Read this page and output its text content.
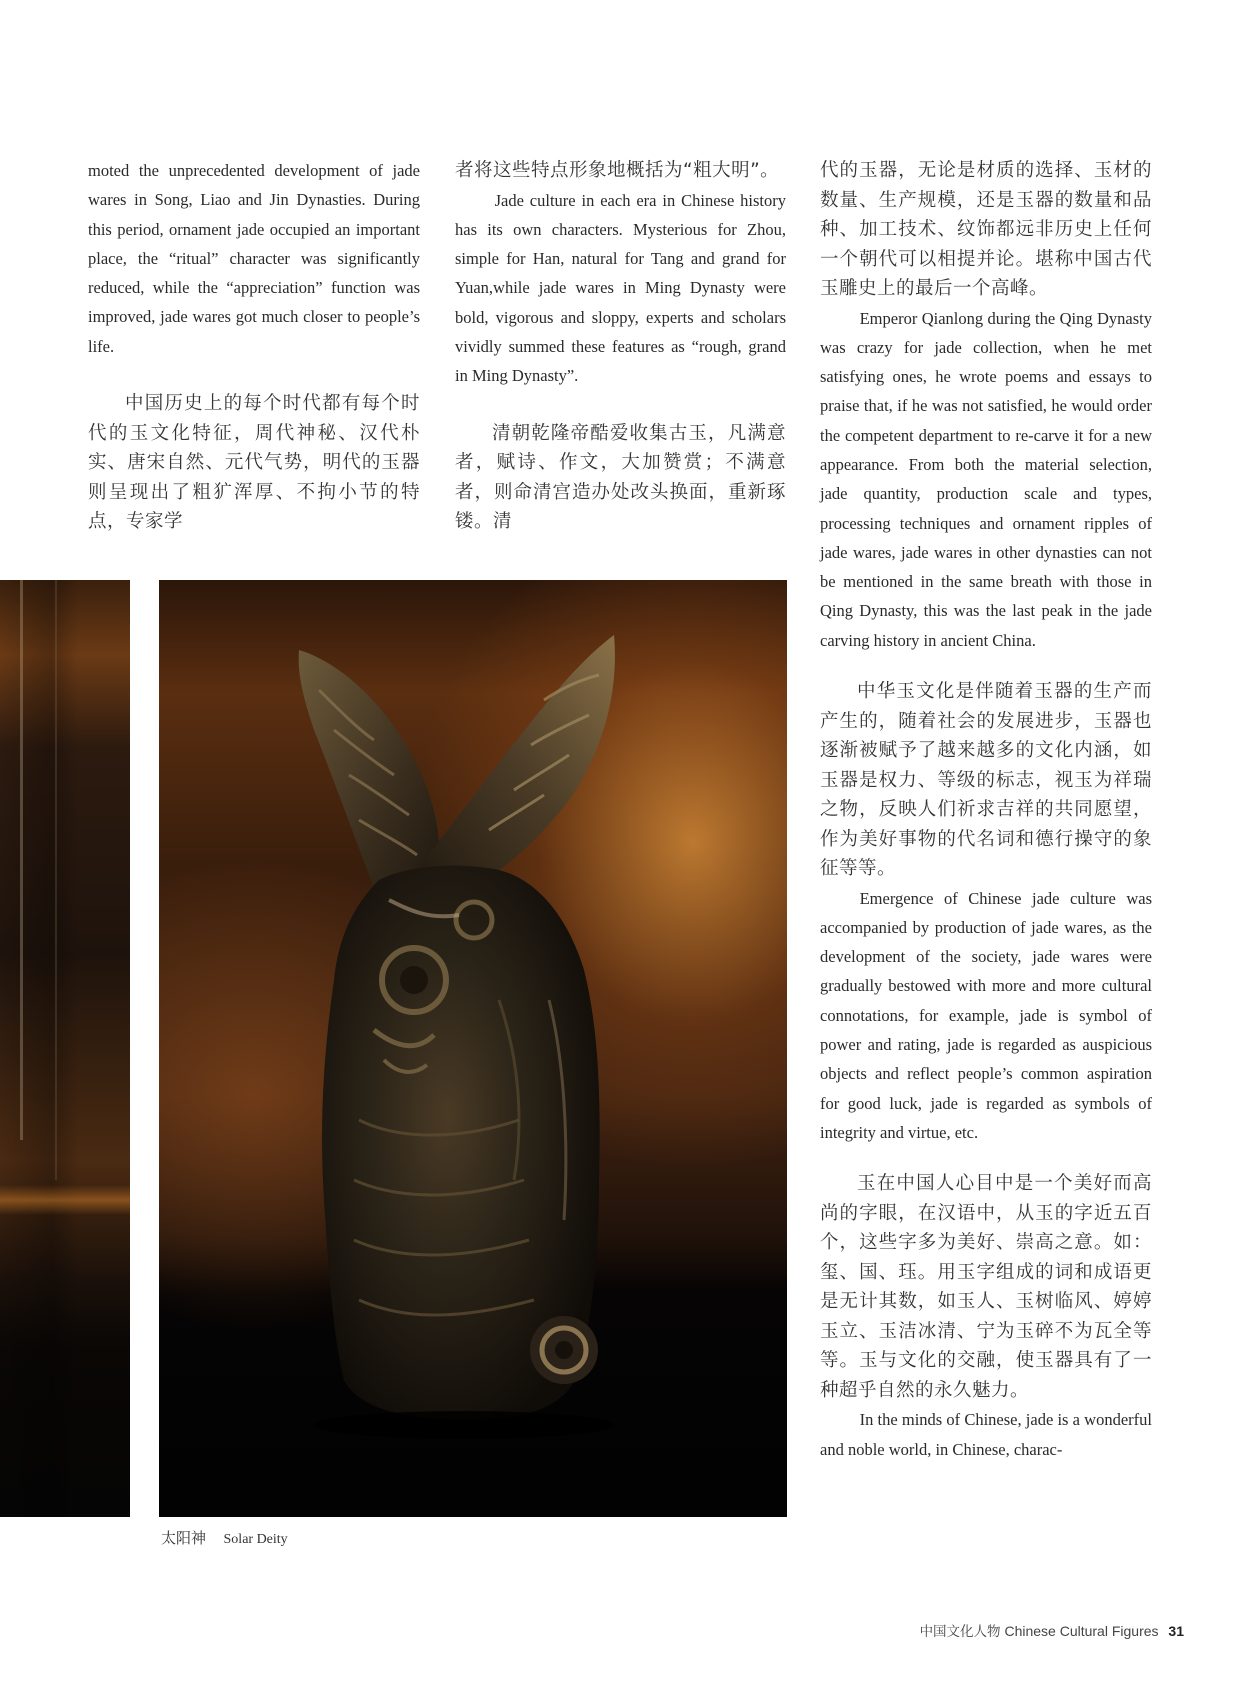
moted the unprecedented development of jade wares in Song, Liao and Jin Dynasties. During this period, ornament jade occupied an important place, the “ritual” character was significantly reduced, while the “appreciation” function was improved, jade wares got much closer to people’s life.

中国历史上的每个时代都有每个时代的玉文化特征，周代神秘、汉代朴实、唐宋自然、元代气势，明代的玉器则呈现出了粗犷浑厚、不拘小节的特点，专家学

者将这些特点形象地概括为“粗大明”。

Jade culture in each era in Chinese history has its own characters. Mysterious for Zhou, simple for Han, natural for Tang and grand for Yuan,while jade wares in Ming Dynasty were bold, vigorous and sloppy, experts and scholars vividly summed these features as “rough, grand in Ming Dynasty”.

清朝乾隆帝酷爱收集古玉，凡满意者，赋诗、作文，大加赞赏；不满意者，则命清宫造办处改头换面，重新琢镂。清

代的玉器，无论是材质的选择、玉材的数量、生产规模，还是玉器的数量和品种、加工技术、纹饰都远非历史上任何一个朝代可以相提并论。堪称中国古代玉雕史上的最后一个高峰。

Emperor Qianlong during the Qing Dynasty was crazy for jade collection, when he met satisfying ones, he wrote poems and essays to praise that, if he was not satisfied, he would order the competent department to re-carve it for a new appearance. From both the material selection, jade quantity, production scale and types, processing techniques and ornament ripples of jade wares, jade wares in other dynasties can not be mentioned in the same breath with those in Qing Dynasty, this was the last peak in the jade carving history in ancient China.

中华玉文化是伴随着玉器的生产而产生的，随着社会的发展进步，玉器也逐渐被赋予了越来越多的文化内涵，如玉器是权力、等级的标志，视玉为祥瑞之物，反映人们祈求吉祥的共同愿望，作为美好事物的代名词和德行操守的象征等等。

Emergence of Chinese jade culture was accompanied by production of jade wares, as the development of the society, jade wares were gradually bestowed with more and more cultural connotations, for example, jade is symbol of power and rating, jade is regarded as auspicious objects and reflect people’s common aspiration for good luck, jade is regarded as symbols of integrity and virtue, etc.

玉在中国人心目中是一个美好而高尚的字眼，在汉语中，从玉的字近五百个，这些字多为美好、崇高之意。如：玺、国、珏。用玉字组成的词和成语更是无计其数，如玉人、玉树临风、婷婷玉立、玉洁冰清、宁为玉碎不为瓦全等等。玉与文化的交融，使玉器具有了一种超乎自然的永久魅力。

In the minds of Chinese, jade is a wonderful and noble world, in Chinese, charac-

太阳神 Solar Deity
中国文化人物 Chinese Cultural Figures 31
